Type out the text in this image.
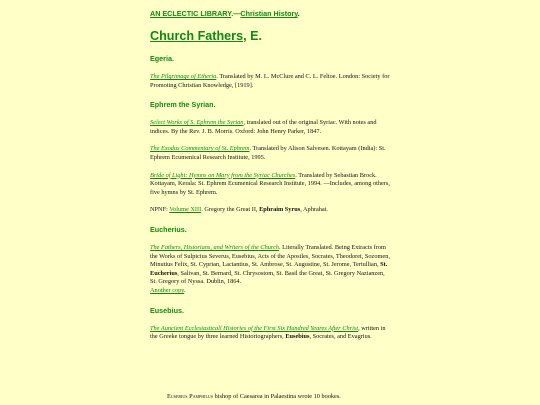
AN ECLECTIC LIBRARY.—Christian History.

Church Fathers, E.
Egeria.

The Pilgrimage of Etheria. Translated by M. L. McClure and C. L. Feltoe. London: Society for Promoting Christian Knowledge, [1919].

Ephrem the Syrian.

Select Works of S. Ephrem the Syrian, translated out of the original Syriac. With notes and indices. By the Rev. J. B. Morris. Oxford: John Henry Parker, 1847.

The Exodus Commentary of St. Ephrem. Translated by Alison Salvesen. Kottayam (India): St. Ephrem Ecumenical Research Institute, 1995.

Bride of Light: Hymns on Mary from the Syriac Churches. Translated by Sebastian Brock. Kottayam, Kerala: St. Ephrem Ecumenical Research Institute, 1994. —Includes, among others, five hymns by St. Ephrem.

NPNF: Volume XIII. Gregory the Great II, Ephraim Syrus, Aphrahat.

Eucherius.

The Fathers, Historians, and Writers of the Church. Literally Translated. Being Extracts from the Works of Sulpicius Severus, Eusebius, Acts of the Apostles, Socrates, Theodoret, Sozomen, Minutius Felix, St. Cyprian, Lactantius, St. Ambrose, St. Augustine, St. Jerome, Tertullian, St. Eucherius, Salivan, St. Bernard, St. Chrysostom, St. Basil the Great, St. Gregory Nazianzen, St. Gregory of Nyssa. Dublin, 1864.

Another copy.

Eusebius.

The Auncient Ecclesiasticall Histories of the First Six Hundred Yeares After Christ, written in the Greeke tongue by three learned Historiographers, Eusebius, Socrates, and Evagrius.

Eusebius Pamphilus bishop of Caesarea in Palaestina wrote 10 bookes.
